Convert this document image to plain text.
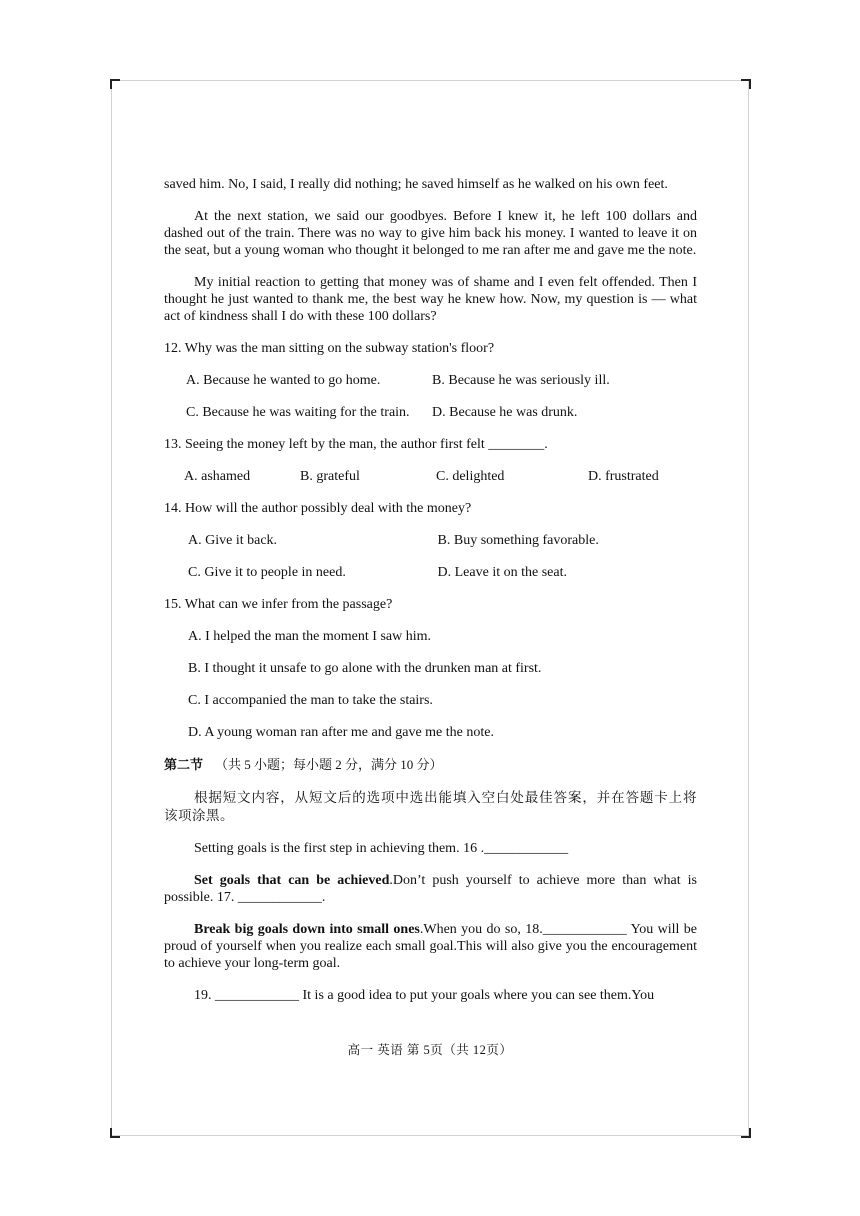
saved him. No, I said, I really did nothing; he saved himself as he walked on his own feet.

At the next station, we said our goodbyes. Before I knew it, he left 100 dollars and dashed out of the train. There was no way to give him back his money. I wanted to leave it on the seat, but a young woman who thought it belonged to me ran after me and gave me the note.

My initial reaction to getting that money was of shame and I even felt offended. Then I thought he just wanted to thank me, the best way he knew how. Now, my question is — what act of kindness shall I do with these 100 dollars?

12. Why was the man sitting on the subway station's floor?
A. Because he wanted to go home.	B. Because he was seriously ill.
C. Because he was waiting for the train.	D. Because he was drunk.
13. Seeing the money left by the man, the author first felt ________.
A. ashamed	B. grateful	C. delighted	D. frustrated
14. How will the author possibly deal with the money?
A. Give it back.	B. Buy something favorable.
C. Give it to people in need.	D. Leave it on the seat.
15. What can we infer from the passage?
A. I helped the man the moment I saw him.
B. I thought it unsafe to go alone with the drunken man at first.
C. I accompanied the man to take the stairs.
D. A young woman ran after me and gave me the note.
第二节 （共 5 小题；每小题 2 分，满分 10 分）

根据短文内容，从短文后的选项中选出能填入空白处最佳答案，并在答题卡上将该项涂黑。

Setting goals is the first step in achieving them. 16 .____________

Set goals that can be achieved.Don’t push yourself to achieve more than what is possible. 17. ____________.

Break big goals down into small ones.When you do so, 18.____________ You will be proud of yourself when you realize each small goal.This will also give you the encouragement to achieve your long-term goal.

19. ____________ It is a good idea to put your goals where you can see them.You

高一 英语 第 5页（共 12页）
